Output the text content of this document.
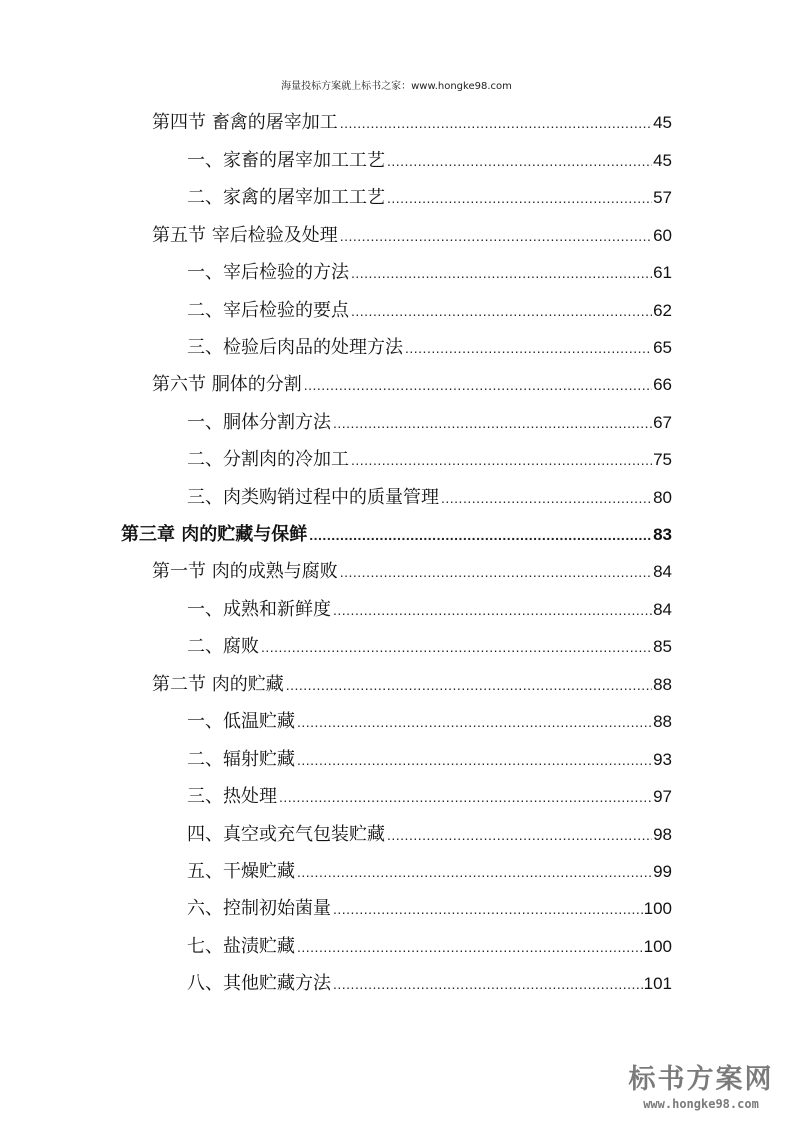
海量投标方案就上标书之家：www.hongke98.com
第四节 畜禽的屠宰加工 .....	45
一、家畜的屠宰加工工艺 .....	45
二、家禽的屠宰加工工艺 .....	57
第五节 宰后检验及处理 .....	60
一、宰后检验的方法 .....	61
二、宰后检验的要点 .....	62
三、检验后肉品的处理方法 .....	65
第六节 胴体的分割 .....	66
一、胴体分割方法 .....	67
二、分割肉的冷加工 .....	75
三、肉类购销过程中的质量管理 .....	80
第三章 肉的贮藏与保鲜 .....	83
第一节 肉的成熟与腐败 .....	84
一、成熟和新鲜度 .....	84
二、腐败 .....	85
第二节 肉的贮藏 .....	88
一、低温贮藏 .....	88
二、辐射贮藏 .....	93
三、热处理 .....	97
四、真空或充气包装贮藏 .....	98
五、干燥贮藏 .....	99
六、控制初始菌量 .....	100
七、盐渍贮藏 .....	100
八、其他贮藏方法 .....	101
标书方案网
www.hongke98.com
